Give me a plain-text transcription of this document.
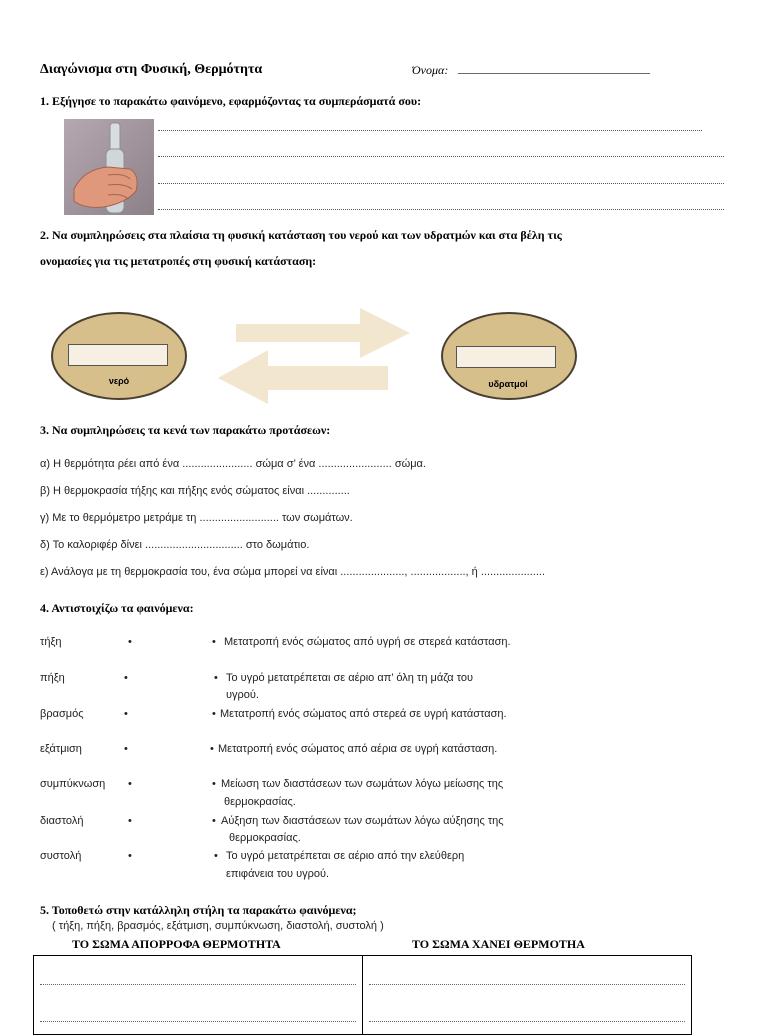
Διαγώνισμα στη Φυσική, Θερμότητα	Όνομα: ________________________________
1. Εξήγησε το παρακάτω φαινόμενο, εφαρμόζοντας τα συμπεράσματά σου:
2. Να συμπληρώσεις στα πλαίσια τη φυσική κατάσταση του νερού και των υδρατμών και στα βέλη τις
ονομασίες για τις μετατροπές στη φυσική κατάσταση:
νερό	υδρατμοί
3. Να συμπληρώσεις τα κενά των παρακάτω προτάσεων:
α) Η θερμότητα ρέει από ένα ....................... σώμα σ’ ένα ........................ σώμα.
β) Η θερμοκρασία τήξης και πήξης ενός σώματος είναι ..............
γ) Με το θερμόμετρο μετράμε τη .......................... των σωμάτων.
δ) Το καλοριφέρ δίνει ................................ στο δωμάτιο.
ε) Ανάλογα με τη θερμοκρασία του, ένα σώμα μπορεί να είναι ....................., .................., ή .....................
4. Αντιστοιχίζω τα φαινόμενα:
τήξη	•	• Μετατροπή ενός σώματος από υγρή σε στερεά κατάσταση.
πήξη	•	• Το υγρό μετατρέπεται σε αέριο απ’ όλη τη μάζα του
υγρού.
βρασμός	•	• Μετατροπή ενός σώματος από στερεά σε υγρή κατάσταση.
εξάτμιση	•	• Μετατροπή ενός σώματος από αέρια σε υγρή κατάσταση.
συμπύκνωση •	• Μείωση των διαστάσεων των σωμάτων λόγω μείωσης της
θερμοκρασίας.
διαστολή	•	• Αύξηση των διαστάσεων των σωμάτων λόγω αύξησης της
θερμοκρασίας.
συστολή	•	• Το υγρό μετατρέπεται σε αέριο από την ελεύθερη
επιφάνεια του υγρού.
5. Τοποθετώ στην κατάλληλη στήλη τα παρακάτω φαινόμενα;
( τήξη, πήξη, βρασμός, εξάτμιση, συμπύκνωση, διαστολή, συστολή )
ΤΟ ΣΩΜΑ ΑΠΟΡΡΟΦΑ ΘΕΡΜΟΤΗΤΑ	ΤΟ ΣΩΜΑ ΧΑΝΕΙ ΘΕΡΜΟΤΗΑ
